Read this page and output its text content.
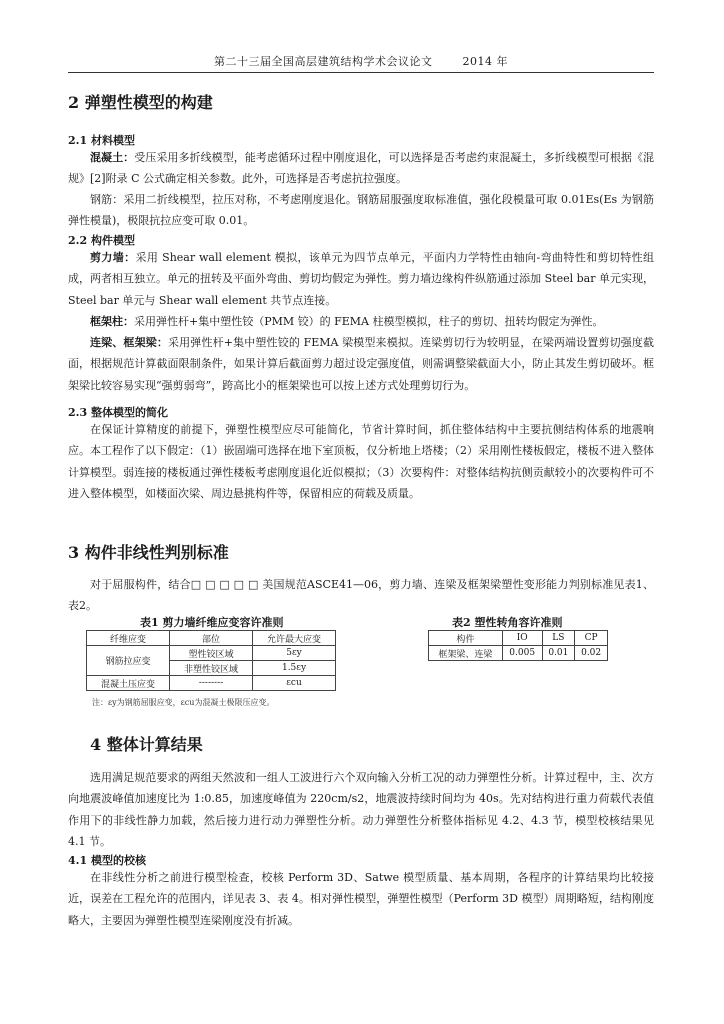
第二十三届全国高层建筑结构学术会议论文	2014 年
2 弹塑性模型的构建
2.1 材料模型
混凝土：受压采用多折线模型，能考虑循环过程中刚度退化，可以选择是否考虑约束混凝土，多折线模型可根据《混规》[2]附录 C 公式确定相关参数。此外，可选择是否考虑抗拉强度。
钢筋：采用二折线模型，拉压对称，不考虑刚度退化。钢筋屈服强度取标准值，强化段模量可取 0.01Es(Es 为钢筋弹性模量)，极限抗拉应变可取 0.01。
2.2 构件模型
剪力墙：采用 Shear wall element 模拟，该单元为四节点单元，平面内力学特性由轴向-弯曲特性和剪切特性组成，两者相互独立。单元的扭转及平面外弯曲、剪切均假定为弹性。剪力墙边缘构件纵筋通过添加 Steel bar 单元实现，Steel bar 单元与 Shear wall element 共节点连接。
框架柱：采用弹性杆+集中塑性铰（PMM 铰）的 FEMA 柱模型模拟，柱子的剪切、扭转均假定为弹性。
连梁、框架梁：采用弹性杆+集中塑性铰的 FEMA 梁模型来模拟。连梁剪切行为较明显，在梁两端设置剪切强度截面，根据规范计算截面限制条件，如果计算后截面剪力超过设定强度值，则需调整梁截面大小，防止其发生剪切破坏。框架梁比较容易实现“强剪弱弯”，跨高比小的框架梁也可以按上述方式处理剪切行为。
2.3 整体模型的简化
在保证计算精度的前提下，弹塑性模型应尽可能简化，节省计算时间，抓住整体结构中主要抗侧结构体系的地震响应。本工程作了以下假定：（1）嵌固端可选择在地下室顶板，仅分析地上塔楼；（2）采用刚性楼板假定，楼板不进入整体计算模型。弱连接的楼板通过弹性楼板考虑刚度退化近似模拟；（3）次要构件：对整体结构抗侧贡献较小的次要构件可不进入整体模型，如楼面次梁、周边悬挑构件等，保留相应的荷载及质量。
3 构件非线性判别标准
对于屈服构件，结合□ □ □ □ □ 美国规范ASCE41—06，剪力墙、连梁及框架梁塑性变形能力判别标准见表1、表2。
表1 剪力墙纤维应变容许准则
纤维应变	部位	允许最大应变
钢筋拉应变	塑性铰区域	5εy
	非塑性铰区域	1.5εy
混凝土压应变	--------	εcu
表2 塑性转角容许准则
构件	IO	LS	CP
框架梁、连梁	0.005	0.01	0.02
注：εy为钢筋屈服应变，εcu为混凝土极限压应变。
4 整体计算结果
选用满足规范要求的两组天然波和一组人工波进行六个双向输入分析工况的动力弹塑性分析。计算过程中，主、次方向地震波峰值加速度比为 1:0.85，加速度峰值为 220cm/s2，地震波持续时间均为 40s。先对结构进行重力荷载代表值作用下的非线性静力加载，然后接力进行动力弹塑性分析。动力弹塑性分析整体指标见 4.2、4.3 节，模型校核结果见 4.1 节。
4.1 模型的校核
在非线性分析之前进行模型检查，校核 Perform 3D、Satwe 模型质量、基本周期，各程序的计算结果均比较接近，误差在工程允许的范围内，详见表 3、表 4。相对弹性模型，弹塑性模型（Perform 3D 模型）周期略短，结构刚度略大，主要因为弹塑性模型连梁刚度没有折减。
